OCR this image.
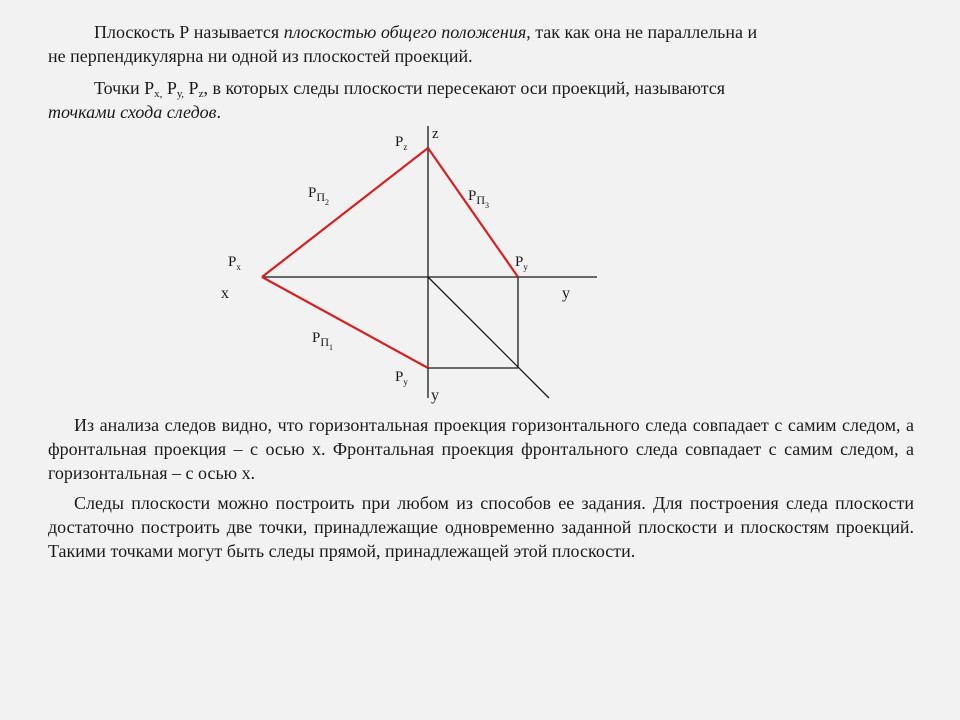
Плоскость Р называется плоскостью общего положения, так как она не параллельна и
не перпендикулярна ни одной из плоскостей проекций.
Точки $Р_{х,}$ $Р_{у,}$ $Р_z$, в которых следы плоскости пересекают оси проекций, называются
точками схода следов.
z
x	y
y
$P_z$
$P_x$	$P_y$
$P_y$
$P_{П2}$	$P_{П3}$
$P_{П1}$

Из анализа следов видно, что горизонтальная проекция горизонтального следа совпадает с самим следом, а фронтальная проекция – с осью х. Фронтальная проекция фронтального следа совпадает с самим следом, а горизонтальная – с осью х.

Следы плоскости можно построить при любом из способов ее задания. Для построения следа плоскости достаточно построить две точки, принадлежащие одновременно заданной плоскости и плоскостям проекций. Такими точками могут быть следы прямой, принадлежащей этой плоскости.
